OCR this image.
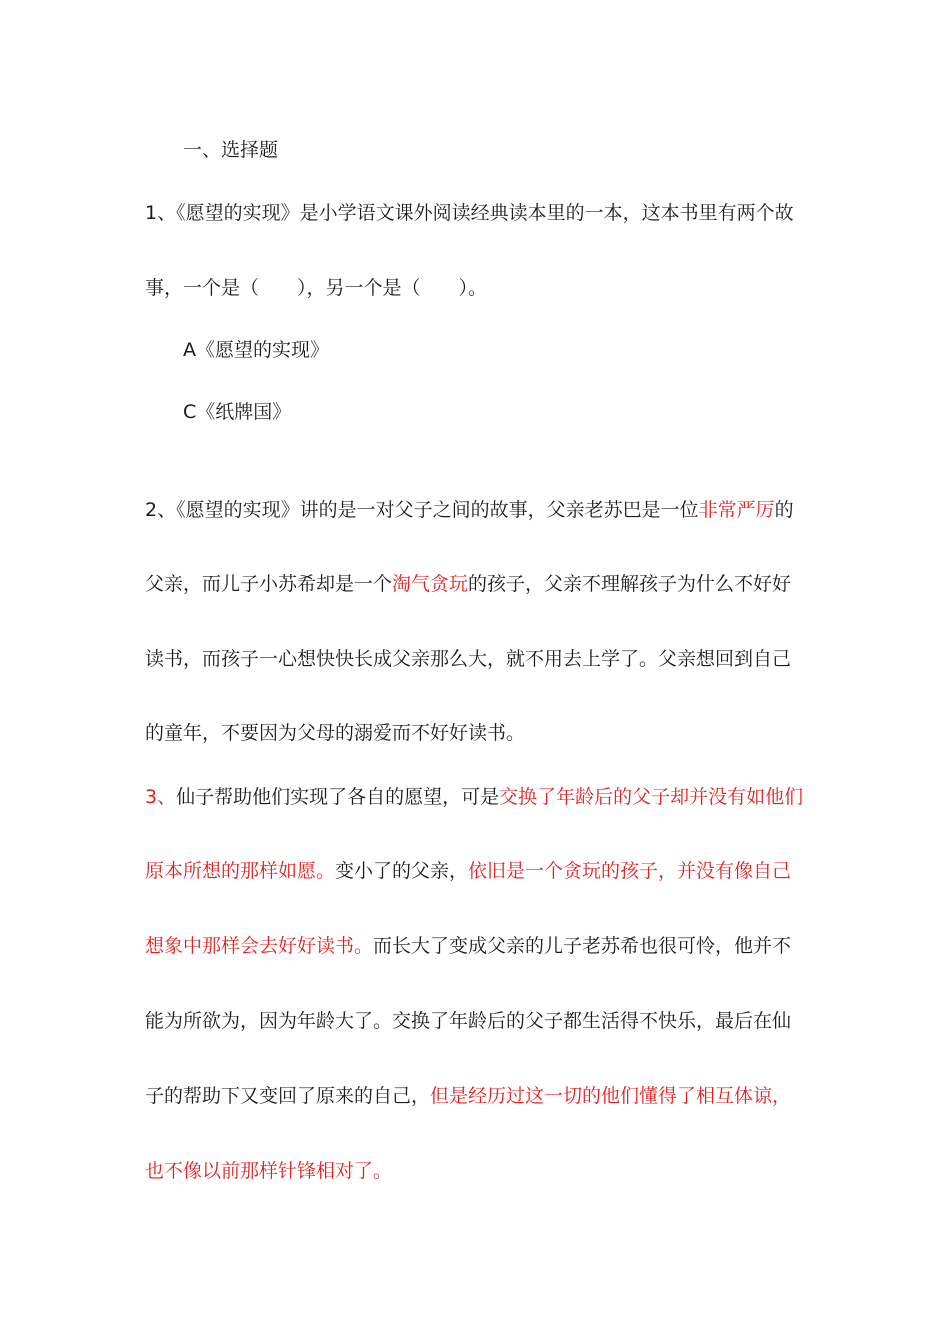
一、选择题
1、《愿望的实现》是小学语文课外阅读经典读本里的一本，这本书里有两个故
事，一个是（　　），另一个是（　　）。
A《愿望的实现》
C《纸牌国》
2、《愿望的实现》讲的是一对父子之间的故事，父亲老苏巴是一位非常严厉的
父亲，而儿子小苏希却是一个淘气贪玩的孩子，父亲不理解孩子为什么不好好
读书，而孩子一心想快快长成父亲那么大，就不用去上学了。父亲想回到自己
的童年，不要因为父母的溺爱而不好好读书。
3、仙子帮助他们实现了各自的愿望，可是交换了年龄后的父子却并没有如他们
原本所想的那样如愿。变小了的父亲，依旧是一个贪玩的孩子，并没有像自己
想象中那样会去好好读书。而长大了变成父亲的儿子老苏希也很可怜，他并不
能为所欲为，因为年龄大了。交换了年龄后的父子都生活得不快乐，最后在仙
子的帮助下又变回了原来的自己，但是经历过这一切的他们懂得了相互体谅，
也不像以前那样针锋相对了。
